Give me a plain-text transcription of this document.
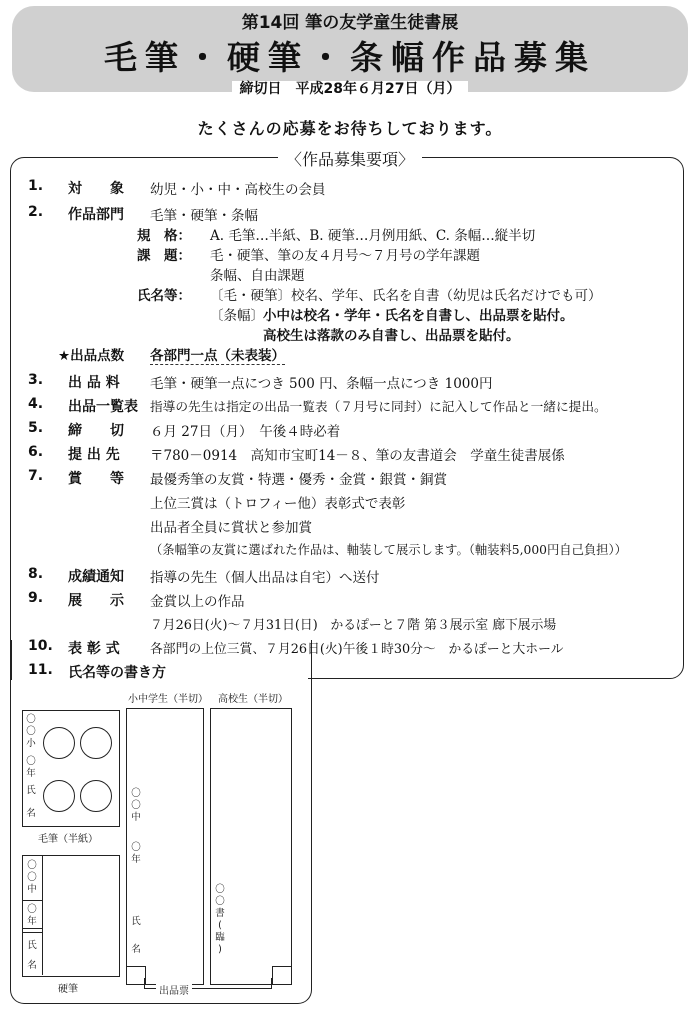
第14回 筆の友学童生徒書展
毛筆・硬筆・条幅作品募集
締切日　平成28年６月27日（月）
たくさんの応募をお待ちしております。
〈作品募集要項〉
1. 対　　象 幼児・小・中・高校生の会員
2. 作品部門 毛筆・硬筆・条幅
規　格： A. 毛筆…半紙、B. 硬筆…月例用紙、C. 条幅…縦半切
課　題： 毛・硬筆、筆の友４月号～７月号の学年課題
条幅、自由課題
氏名等： 〔毛・硬筆〕校名、学年、氏名を自書（幼児は氏名だけでも可）
〔条幅〕 小中は校名・学年・氏名を自書し、出品票を貼付。
高校生は落款のみ自書し、出品票を貼付。
★出品点数 各部門一点（未表装）
3. 出 品 料 毛筆・硬筆一点につき 500 円、条幅一点につき 1000円
4. 出品一覧表 指導の先生は指定の出品一覧表（７月号に同封）に記入して作品と一緒に提出。
5. 締　　切 ６月 27日（月）　午後４時必着
6. 提 出 先 〒780－0914　高知市宝町14－８、筆の友書道会　学童生徒書展係
7. 賞　　等 最優秀筆の友賞・特選・優秀・金賞・銀賞・銅賞
上位三賞は（トロフィー他）表彰式で表彰
出品者全員に賞状と参加賞
（条幅筆の友賞に選ばれた作品は、軸装して展示します。（軸装料5,000円自己負担））
8. 成績通知 指導の先生（個人出品は自宅）へ送付
9. 展　　示 金賞以上の作品
７月26日(火)～７月31日(日)　かるぽーと７階 第３展示室 廊下展示場
10. 表 彰 式 各部門の上位三賞、７月26日(火)午後１時30分～　かるぽーと大ホール
11. 氏名等の書き方
〇
〇
小
〇
年
氏
名
毛筆（半紙）
〇
〇
中
〇
年
氏
名
硬筆
小中学生（半切）
〇
〇
中
〇
年
氏
名
高校生（半切）
〇
〇
書
(
臨
)
出品票
